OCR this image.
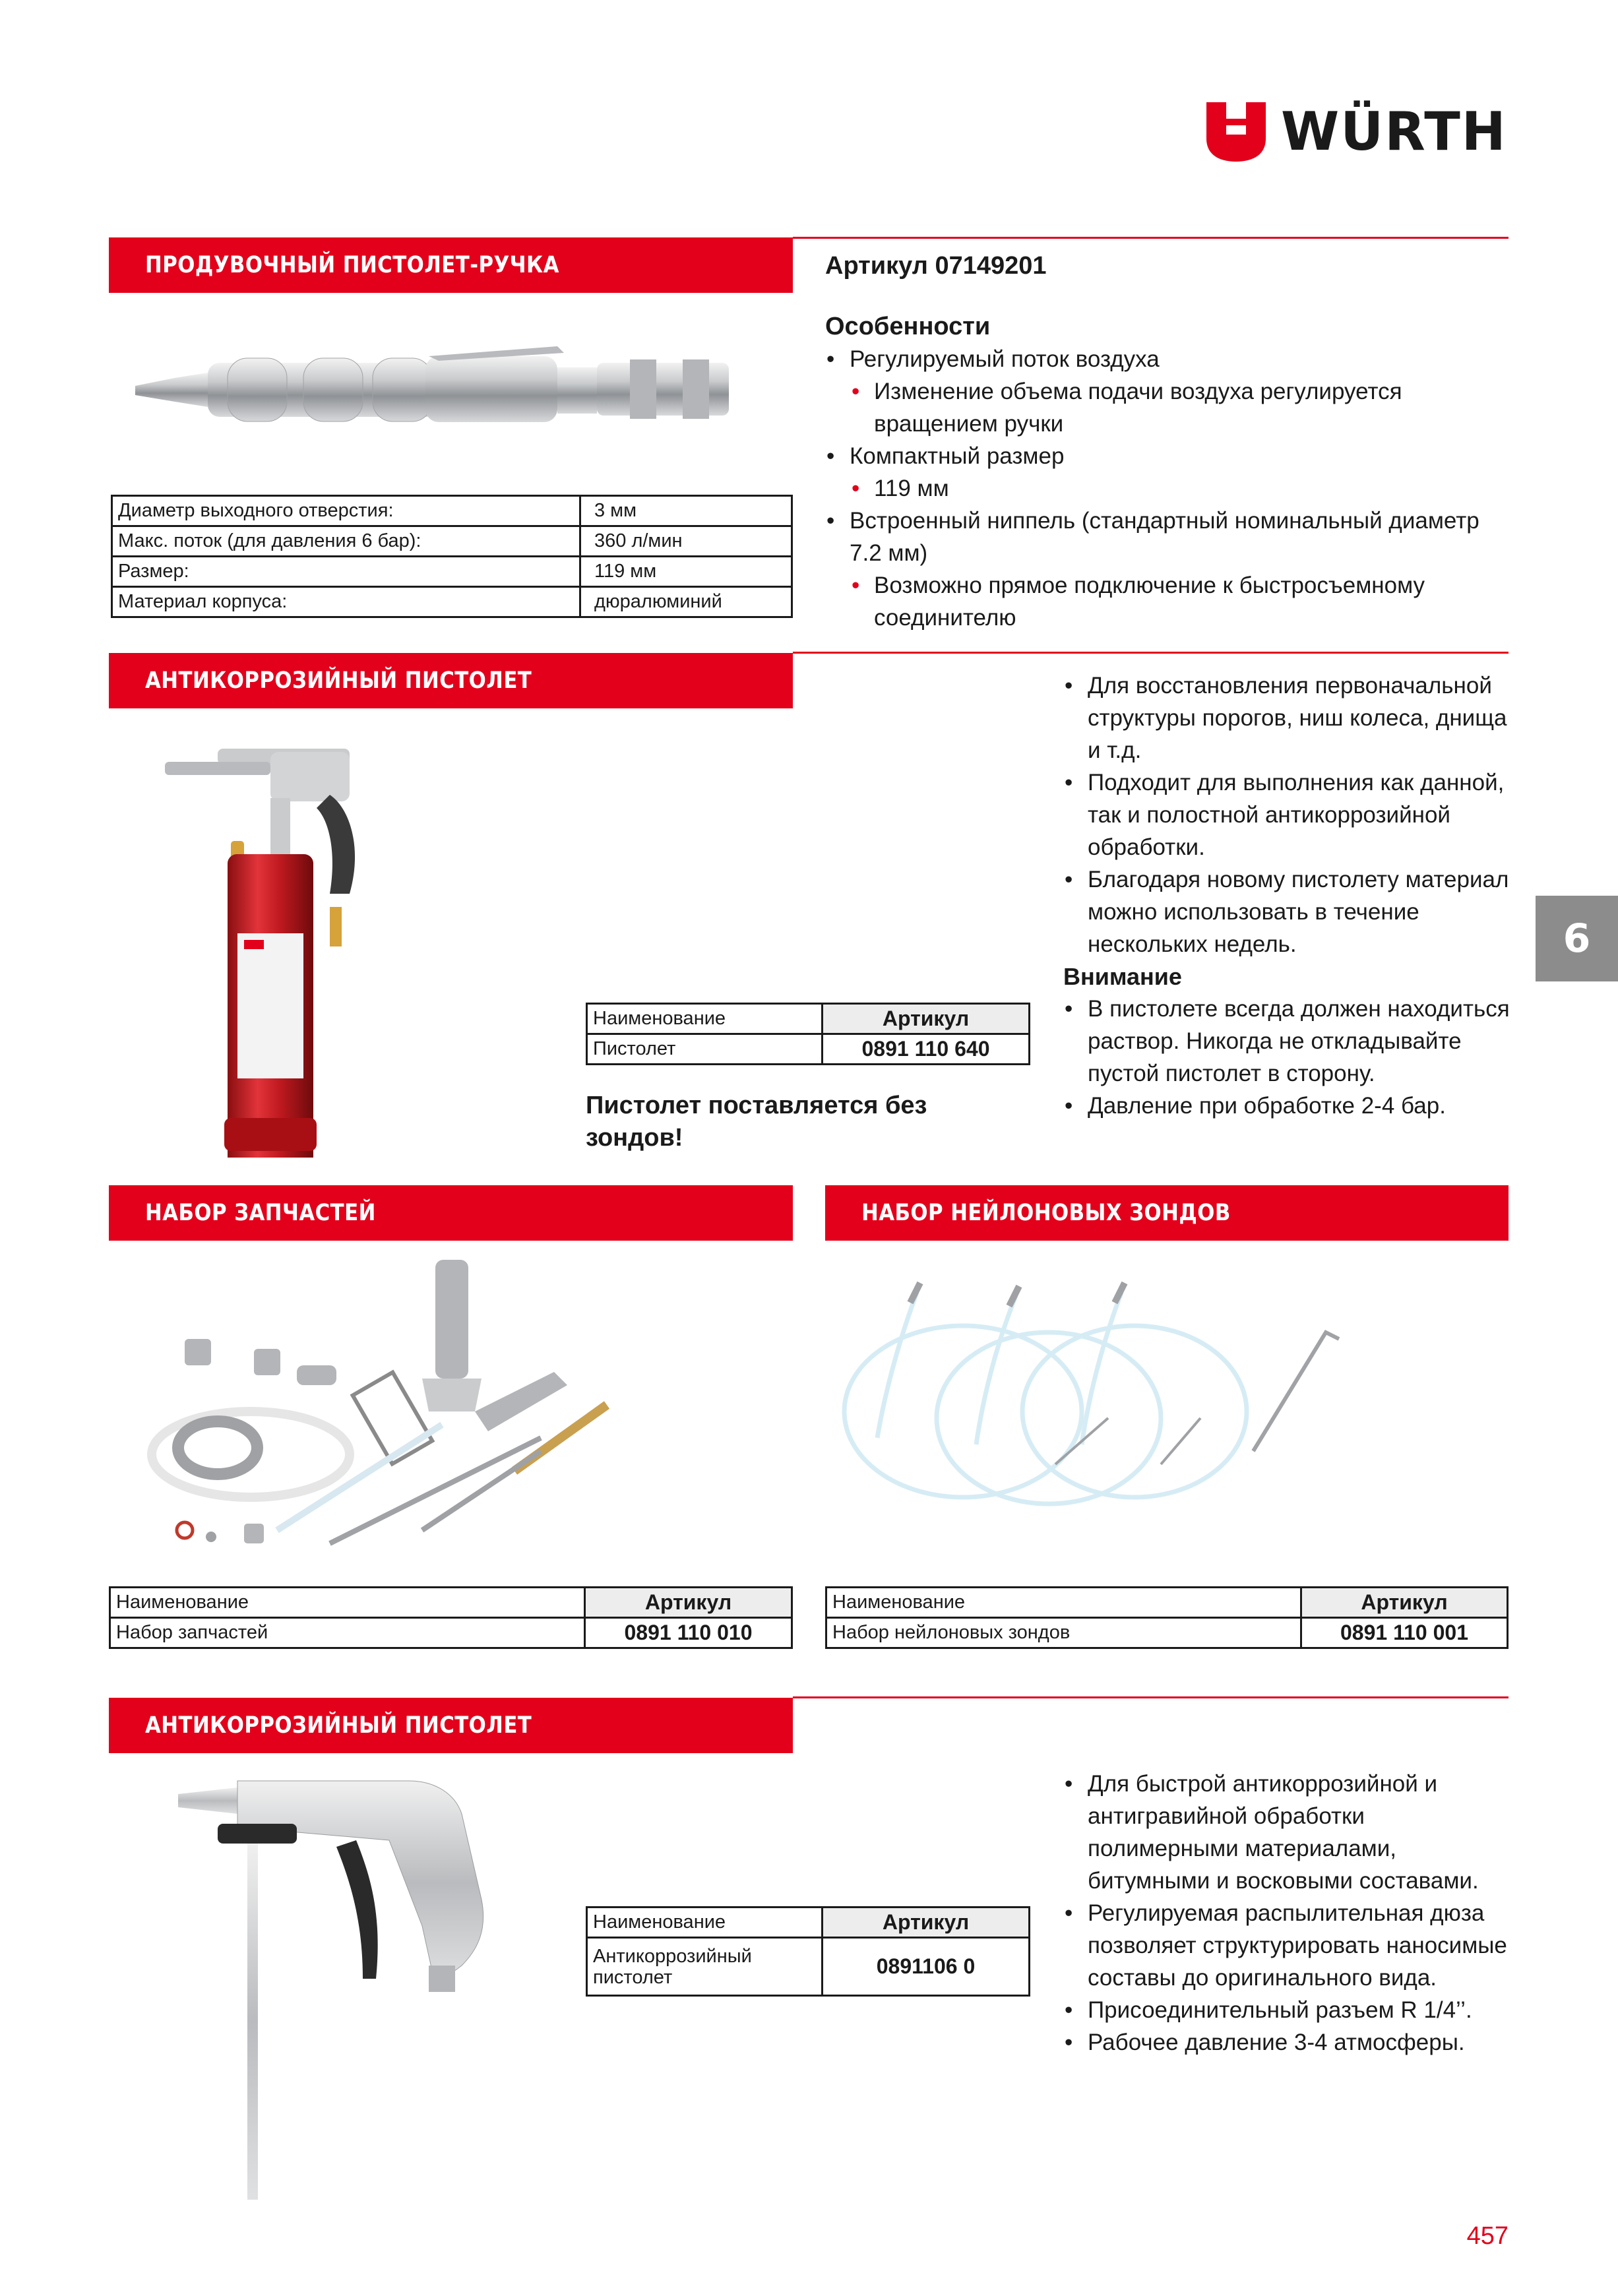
WÜRTH
ПРОДУВОЧНЫЙ ПИСТОЛЕТ-РУЧКА	Артикул 07149201
Особенности
• Регулируемый поток воздуха
• Изменение объема подачи воздуха регулируется вращением ручки
• Компактный размер
• 119 мм
• Встроенный ниппель (стандартный номинальный диаметр 7.2 мм)
• Возможно прямое подключение к быстросъемному соединителю
Диаметр выходного отверстия:	3 мм
Макс. поток (для давления 6 бар):	360 л/мин
Размер:	119 мм
Материал корпуса:	дюралюминий
АНТИКОРРОЗИЙНЫЙ ПИСТОЛЕТ
Наименование	Артикул
Пистолет	0891 110 640
Пистолет поставляется без зондов!
• Для восстановления первоначальной структуры порогов, ниш колеса, днища и т.д.
• Подходит для выполнения как данной, так и полостной антикоррозийной обработки.
• Благодаря новому пистолету материал можно использовать в течение нескольких недель.
Внимание
• В пистолете всегда должен находиться раствор. Никогда не откладывайте пустой пистолет в сторону.
• Давление при обработке 2-4 бар.
6
НАБОР ЗАПЧАСТЕЙ
Наименование	Артикул
Набор запчастей	0891 110 010
НАБОР НЕЙЛОНОВЫХ ЗОНДОВ
Наименование	Артикул
Набор нейлоновых зондов	0891 110 001
АНТИКОРРОЗИЙНЫЙ ПИСТОЛЕТ
Наименование	Артикул
Антикоррозийный пистолет	0891106 0
• Для быстрой антикоррозийной и антигравийной обработки полимерными материалами, битумными и восковыми составами.
• Регулируемая распылительная дюза позволяет структурировать наносимые составы до оригинального вида.
• Присоединительный разъем R 1/4’’.
• Рабочее давление 3-4 атмосферы.
457
